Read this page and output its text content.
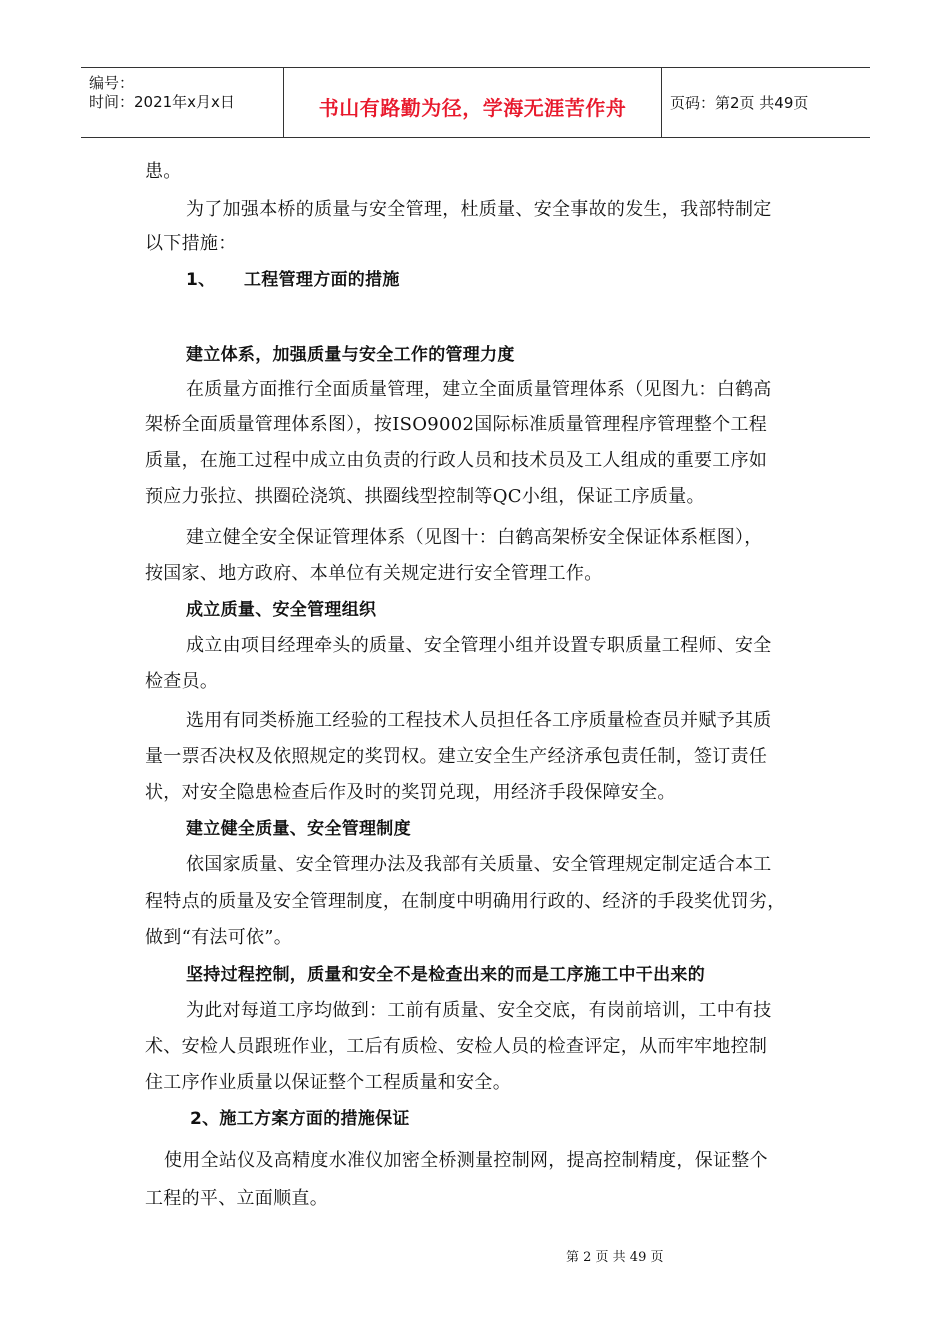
编号：
时间：2021年x月x日	书山有路勤为径，学海无涯苦作舟	页码：第2页 共49页
患。
为了加强本桥的质量与安全管理，杜质量、安全事故的发生，我部特制定
以下措施：
1、 工程管理方面的措施
建立体系，加强质量与安全工作的管理力度
在质量方面推行全面质量管理，建立全面质量管理体系（见图九：白鹤高
架桥全面质量管理体系图），按ISO9002国际标准质量管理程序管理整个工程
质量，在施工过程中成立由负责的行政人员和技术员及工人组成的重要工序如
预应力张拉、拱圈砼浇筑、拱圈线型控制等QC小组，保证工序质量。
建立健全安全保证管理体系（见图十：白鹤高架桥安全保证体系框图），
按国家、地方政府、本单位有关规定进行安全管理工作。
成立质量、安全管理组织
成立由项目经理牵头的质量、安全管理小组并设置专职质量工程师、安全
检查员。
选用有同类桥施工经验的工程技术人员担任各工序质量检查员并赋予其质
量一票否决权及依照规定的奖罚权。建立安全生产经济承包责任制，签订责任
状，对安全隐患检查后作及时的奖罚兑现，用经济手段保障安全。
建立健全质量、安全管理制度
依国家质量、安全管理办法及我部有关质量、安全管理规定制定适合本工
程特点的质量及安全管理制度，在制度中明确用行政的、经济的手段奖优罚劣，
做到“有法可依”。
坚持过程控制，质量和安全不是检查出来的而是工序施工中干出来的
为此对每道工序均做到：工前有质量、安全交底，有岗前培训，工中有技
术、安检人员跟班作业，工后有质检、安检人员的检查评定，从而牢牢地控制
住工序作业质量以保证整个工程质量和安全。
2、施工方案方面的措施保证
使用全站仪及高精度水准仪加密全桥测量控制网，提高控制精度，保证整个
工程的平、立面顺直。
第 2 页 共 49 页
